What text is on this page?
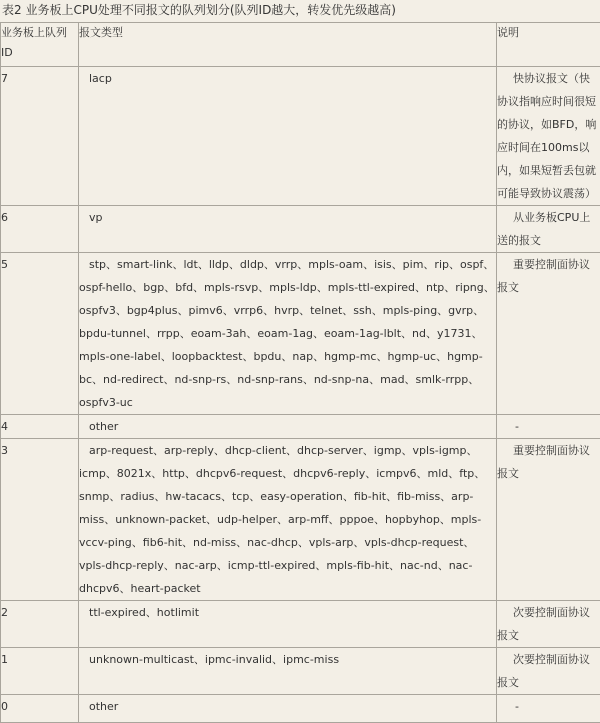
表2 业务板上CPU处理不同报文的队列划分(队列ID越大，转发优先级越高)
业务板上队列ID	报文类型	说明
7	lacp	快协议报文（快协议指响应时间很短的协议，如BFD，响应时间在100ms以内，如果短暂丢包就可能导致协议震荡）

6	vp	从业务板CPU上送的报文

5	stp、smart-link、ldt、lldp、dldp、vrrp、mpls-oam、isis、pim、rip、ospf、ospf-hello、bgp、bfd、mpls-rsvp、mpls-ldp、mpls-ttl-expired、ntp、ripng、ospfv3、bgp4plus、pimv6、vrrp6、hvrp、telnet、ssh、mpls-ping、gvrp、bpdu-tunnel、rrpp、eoam-3ah、eoam-1ag、eoam-1ag-lblt、nd、y1731、mpls-one-label、loopbacktest、bpdu、nap、hgmp-mc、hgmp-uc、hgmp-bc、nd-redirect、nd-snp-rs、nd-snp-rans、nd-snp-na、mad、smlk-rrpp、ospfv3-uc	重要控制面协议报文

4	other	-

3	arp-request、arp-reply、dhcp-client、dhcp-server、igmp、vpls-igmp、icmp、8021x、http、dhcpv6-request、dhcpv6-reply、icmpv6、mld、ftp、snmp、radius、hw-tacacs、tcp、easy-operation、fib-hit、fib-miss、arp-miss、unknown-packet、udp-helper、arp-mff、pppoe、hopbyhop、mpls-vccv-ping、fib6-hit、nd-miss、nac-dhcp、vpls-arp、vpls-dhcp-request、vpls-dhcp-reply、nac-arp、icmp-ttl-expired、mpls-fib-hit、nac-nd、nac-dhcpv6、heart-packet	重要控制面协议报文

2	ttl-expired、hotlimit	次要控制面协议报文

1	unknown-multicast、ipmc-invalid、ipmc-miss	次要控制面协议报文

0	other	-
